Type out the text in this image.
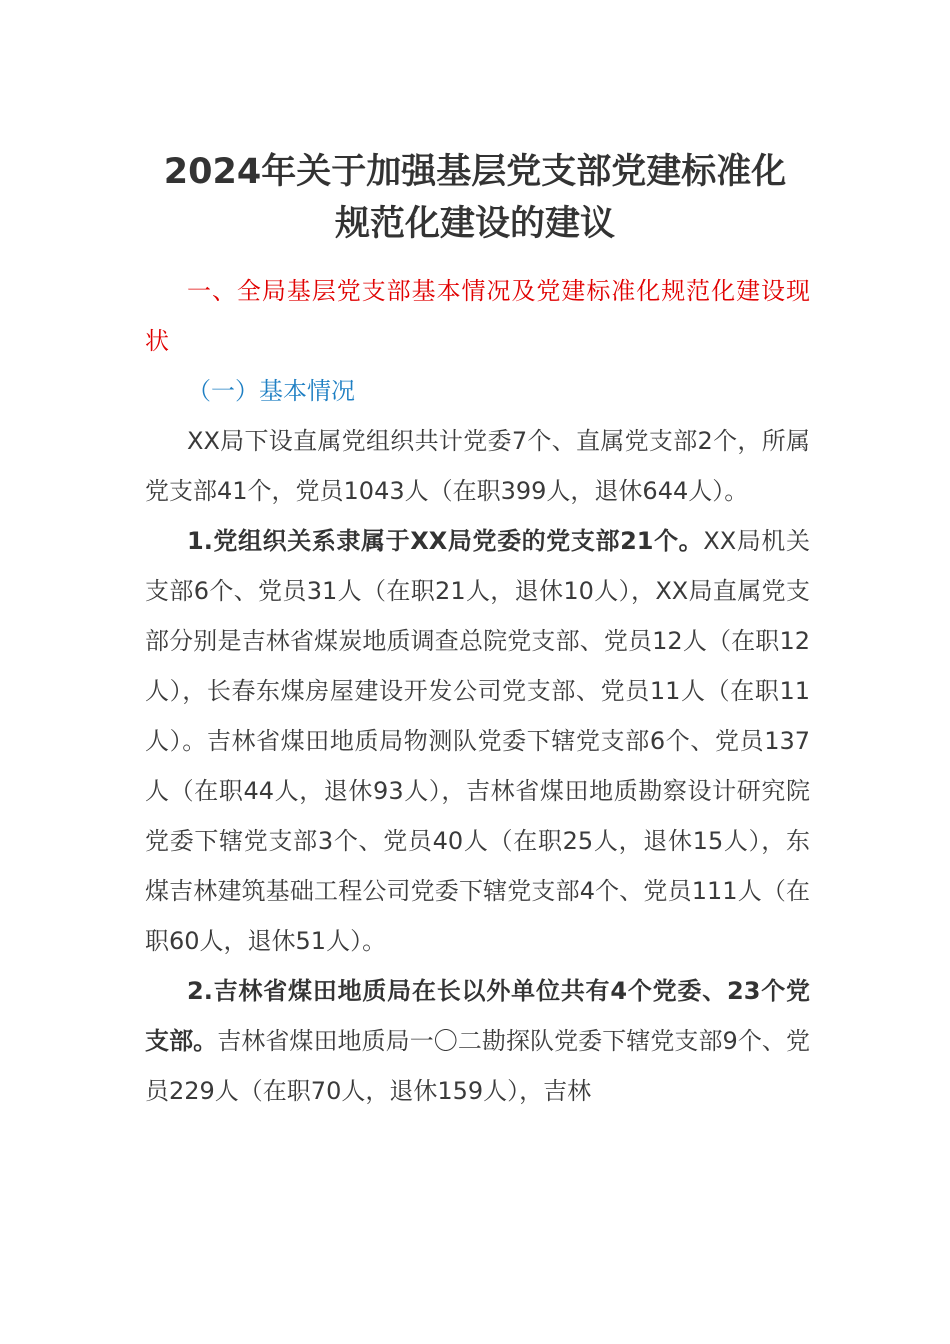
2024年关于加强基层党支部党建标准化
规范化建设的建议

一、全局基层党支部基本情况及党建标准化规范化建设现状

（一）基本情况

XX局下设直属党组织共计党委7个、直属党支部2个，所属党支部41个，党员1043人（在职399人，退休644人）。

1.党组织关系隶属于XX局党委的党支部21个。XX局机关支部6个、党员31人（在职21人，退休10人），XX局直属党支部分别是吉林省煤炭地质调查总院党支部、党员12人（在职12人），长春东煤房屋建设开发公司党支部、党员11人（在职11人）。吉林省煤田地质局物测队党委下辖党支部6个、党员137人（在职44人，退休93人），吉林省煤田地质勘察设计研究院党委下辖党支部3个、党员40人（在职25人，退休15人），东煤吉林建筑基础工程公司党委下辖党支部4个、党员111人（在职60人，退休51人）。

2.吉林省煤田地质局在长以外单位共有4个党委、23个党支部。吉林省煤田地质局一〇二勘探队党委下辖党支部9个、党员229人（在职70人，退休159人），吉林
